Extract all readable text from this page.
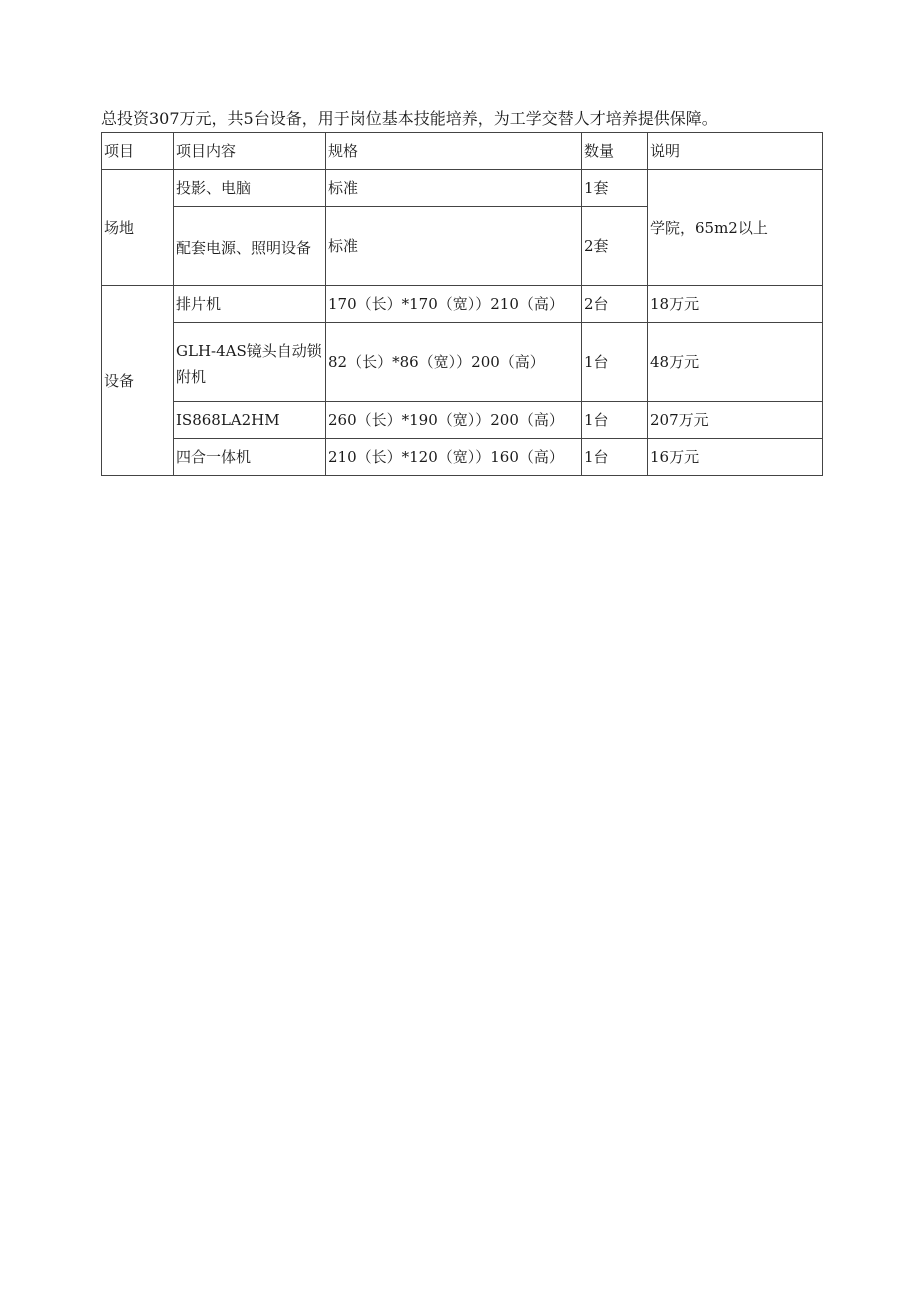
总投资307万元，共5台设备，用于岗位基本技能培养，为工学交替人才培养提供保障。
项目	项目内容	规格	数量	说明
场地	投影、电脑	标准	1套	学院，65m2以上
	配套电源、照明设备	标准	2套	
设备	排片机	170（长）*170（宽））210（高）	2台	18万元
	GLH-4AS镜头自动锁附机	82（长）*86（宽））200（高）	1台	48万元
	IS868LA2HM	260（长）*190（宽））200（高）	1台	207万元
	四合一体机	210（长）*120（宽））160（高）	1台	16万元
